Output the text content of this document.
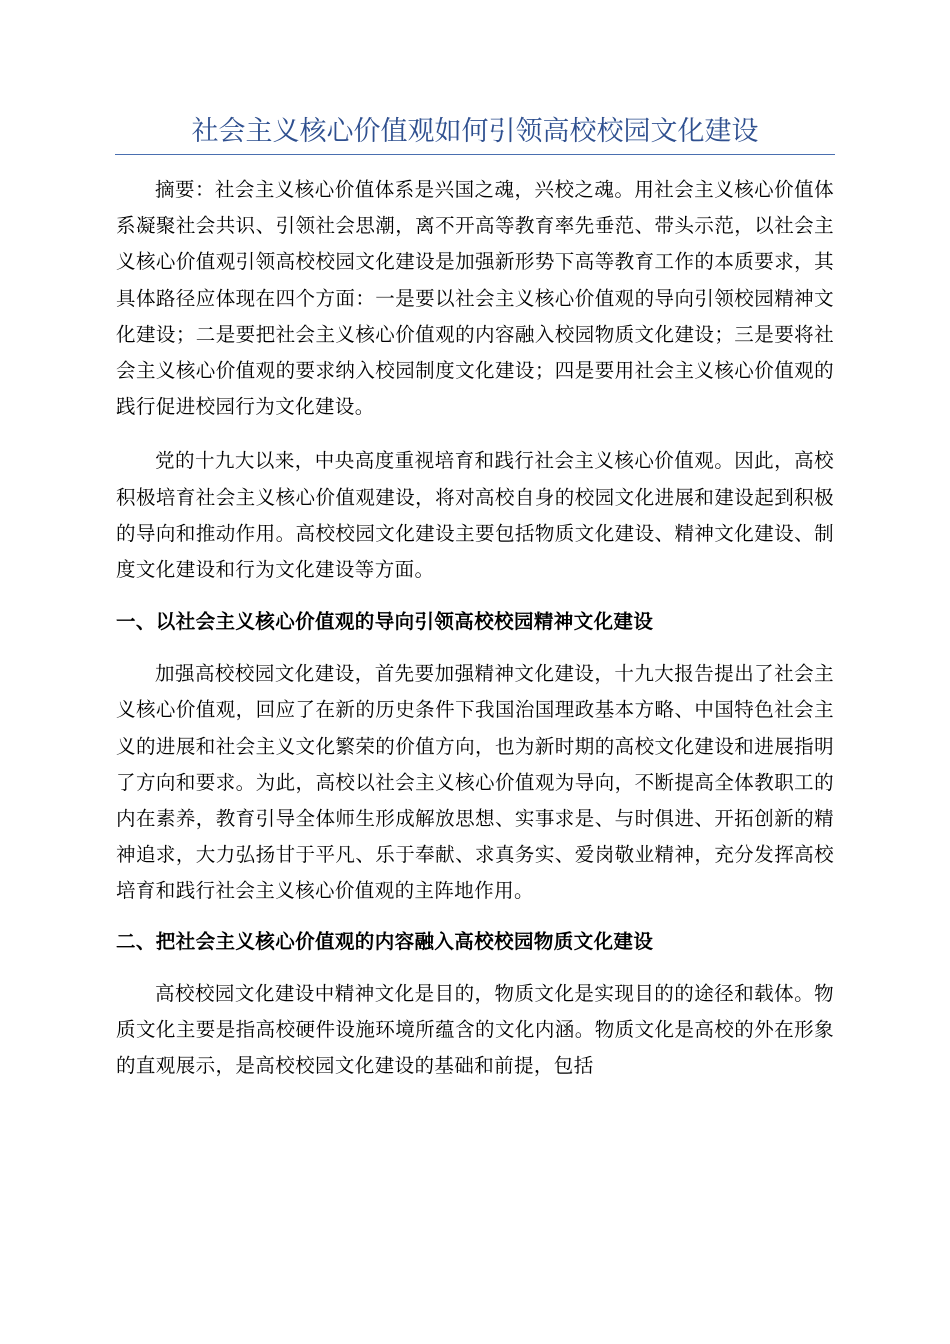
社会主义核心价值观如何引领高校校园文化建设

摘要：社会主义核心价值体系是兴国之魂，兴校之魂。用社会主义核心价值体系凝聚社会共识、引领社会思潮，离不开高等教育率先垂范、带头示范，以社会主义核心价值观引领高校校园文化建设是加强新形势下高等教育工作的本质要求，其具体路径应体现在四个方面：一是要以社会主义核心价值观的导向引领校园精神文化建设；二是要把社会主义核心价值观的内容融入校园物质文化建设；三是要将社会主义核心价值观的要求纳入校园制度文化建设；四是要用社会主义核心价值观的践行促进校园行为文化建设。

党的十九大以来，中央高度重视培育和践行社会主义核心价值观。因此，高校积极培育社会主义核心价值观建设，将对高校自身的校园文化进展和建设起到积极的导向和推动作用。高校校园文化建设主要包括物质文化建设、精神文化建设、制度文化建设和行为文化建设等方面。

一、以社会主义核心价值观的导向引领高校校园精神文化建设

加强高校校园文化建设，首先要加强精神文化建设，十九大报告提出了社会主义核心价值观，回应了在新的历史条件下我国治国理政基本方略、中国特色社会主义的进展和社会主义文化繁荣的价值方向，也为新时期的高校文化建设和进展指明了方向和要求。为此，高校以社会主义核心价值观为导向，不断提高全体教职工的内在素养，教育引导全体师生形成解放思想、实事求是、与时俱进、开拓创新的精神追求，大力弘扬甘于平凡、乐于奉献、求真务实、爱岗敬业精神，充分发挥高校培育和践行社会主义核心价值观的主阵地作用。

二、把社会主义核心价值观的内容融入高校校园物质文化建设

高校校园文化建设中精神文化是目的，物质文化是实现目的的途径和载体。物质文化主要是指高校硬件设施环境所蕴含的文化内涵。物质文化是高校的外在形象的直观展示，是高校校园文化建设的基础和前提，包括
